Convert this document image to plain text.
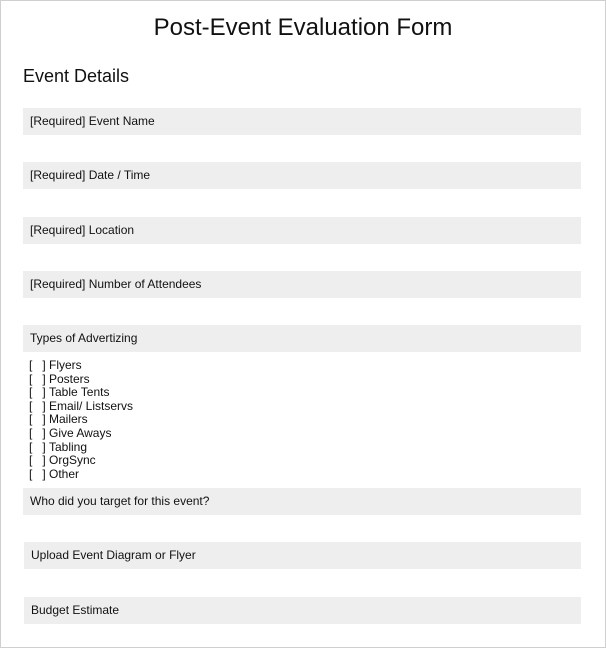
Post-Event Evaluation Form
Event Details
[Required] Event Name
[Required] Date / Time
[Required] Location
[Required] Number of Attendees
Types of Advertizing
[   ] Flyers
[   ] Posters
[   ] Table Tents
[   ] Email/ Listservs
[   ] Mailers
[   ] Give Aways
[   ] Tabling
[   ] OrgSync
[   ] Other
Who did you target for this event?
Upload Event Diagram or Flyer
Budget Estimate
